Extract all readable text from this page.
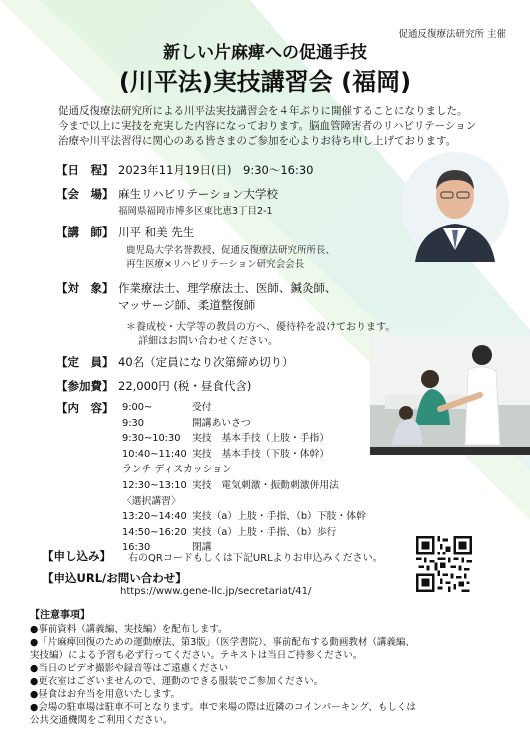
促通反復療法研究所 主催
新しい片麻痺への促通手技
(川平法)実技講習会 (福岡)
促通反復療法研究所による川平法実技講習会を４年ぶりに開催することになりました。
今まで以上に実技を充実した内容になっております。脳血管障害者のリハビリテーション
治療や川平法習得に関心のある皆さまのご参加を心よりお待ち申し上げております。
【日　程】 2023年11月19日(日)　9:30～16:30
【会　場】 麻生リハビリテーション大学校
福岡県福岡市博多区東比恵3丁目2-1
【講　師】 川平 和美 先生
鹿児島大学名誉教授、促通反復療法研究所所長、
再生医療×リハビリテーション研究会会長
【対　象】 作業療法士、理学療法士、医師、鍼灸師、
マッサージ師、柔道整復師
＊養成校・大学等の教員の方へ、優待枠を設けております。
詳細はお問い合わせください。
【定　員】 40名（定員になり次第締め切り）
【参加費】 22,000円 (税・昼食代含)
【内　容】 9:00~	受付
9:30	開講あいさつ
9:30~10:30 実技　基本手技（上肢・手指）
10:40~11:40 実技　基本手技（下肢・体幹）
ランチ ディスカッション
12:30~13:10 実技　電気刺激・振動刺激併用法
〈選択講習〉
13:20~14:40 実技（a）上肢・手指、（b）下肢・体幹
14:50~16:20 実技（a）上肢・手指、（b）歩行
16:30	閉講
【申し込み】 右のQRコードもしくは下記URLよりお申込みください。
【申込URL/お問い合わせ】
https://www.gene-llc.jp/secretariat/41/
【注意事項】
●事前資料（講義編、実技編）を配布します。
●「片麻痺回復のための運動療法、第3版」（医学書院）、事前配布する動画教材（講義編、
実技編）による予習も必ず行ってください。テキストは当日ご持参ください。
●当日のビデオ撮影や録音等はご遠慮ください
●更衣室はございませんので、運動のできる服装でご参加ください。
●昼食はお弁当を用意いたします。
●会場の駐車場は駐車不可となります。車で来場の際は近隣のコインパーキング、もしくは
公共交通機関をご利用ください。
